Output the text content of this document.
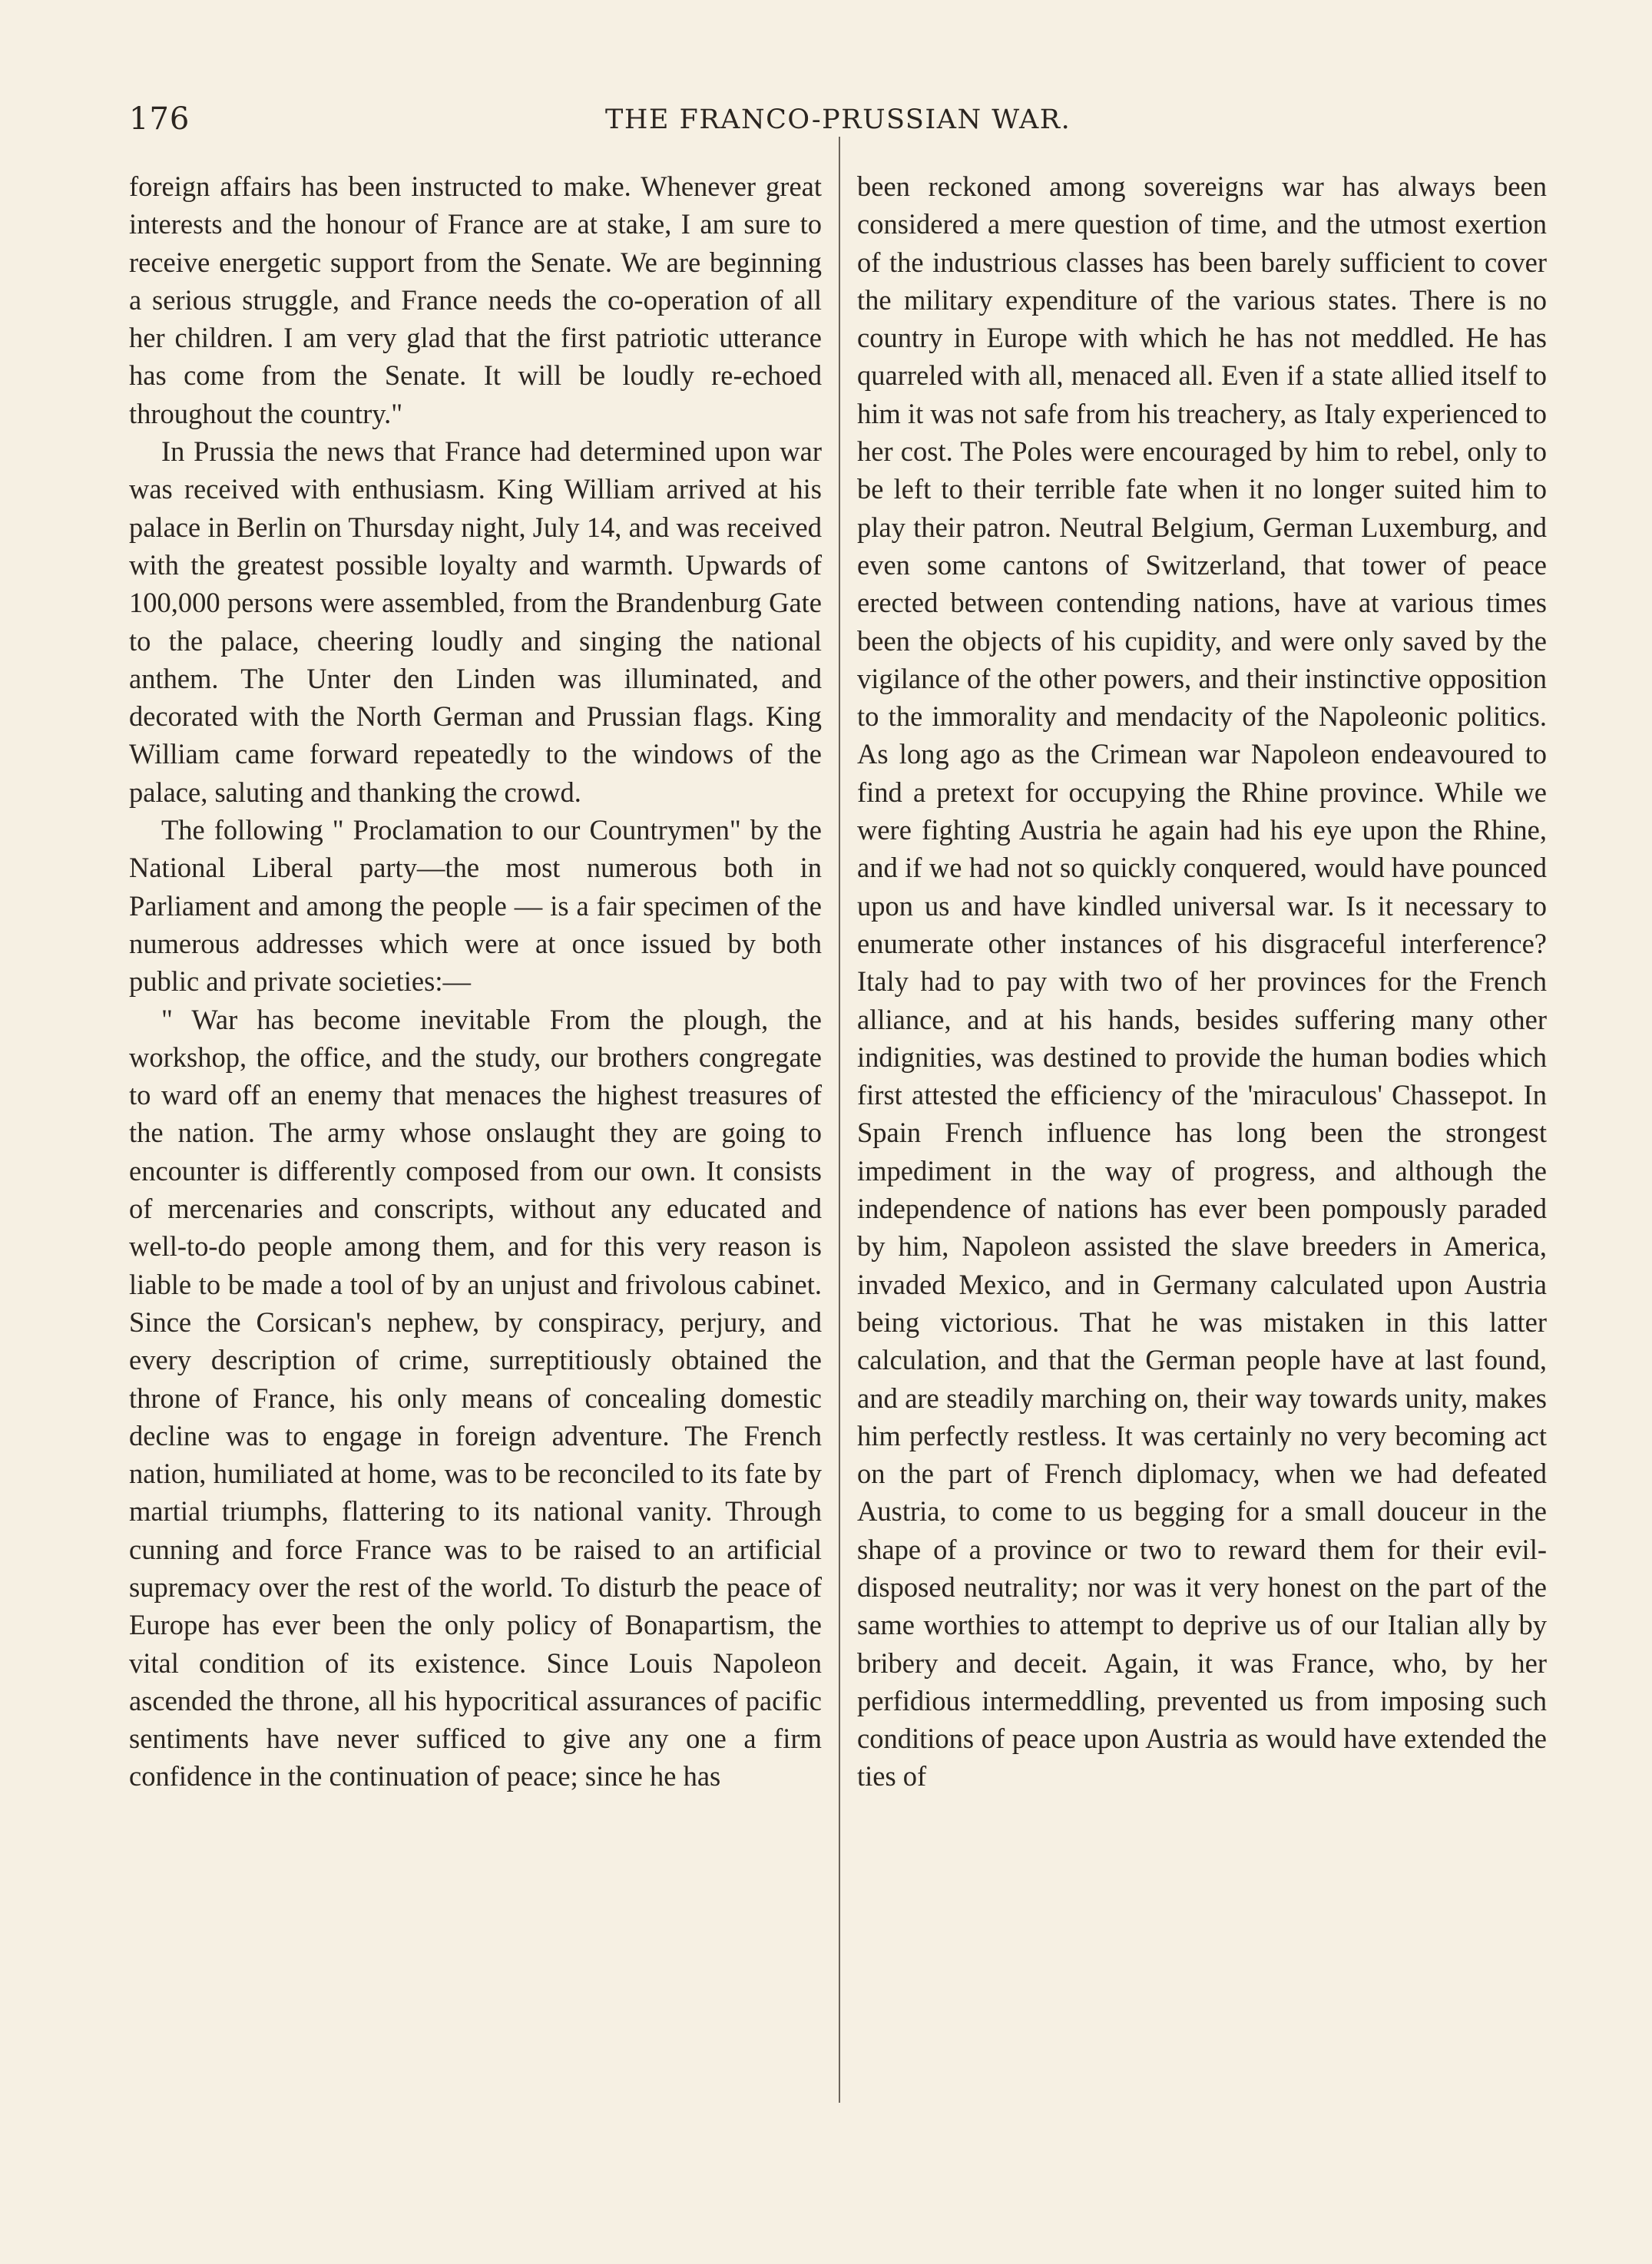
176	THE FRANCO-PRUSSIAN WAR.

foreign affairs has been instructed to make. Whenever great interests and the honour of France are at stake, I am sure to receive energetic support from the Senate. We are beginning a serious struggle, and France needs the co-operation of all her children. I am very glad that the first patriotic utterance has come from the Senate. It will be loudly re-echoed throughout the country."

In Prussia the news that France had determined upon war was received with enthusiasm. King William arrived at his palace in Berlin on Thursday night, July 14, and was received with the greatest possible loyalty and warmth. Upwards of 100,000 persons were assembled, from the Brandenburg Gate to the palace, cheering loudly and singing the national anthem. The Unter den Linden was illuminated, and decorated with the North German and Prussian flags. King William came forward repeatedly to the windows of the palace, saluting and thanking the crowd.

The following " Proclamation to our Countrymen" by the National Liberal party—the most numerous both in Parliament and among the people — is a fair specimen of the numerous addresses which were at once issued by both public and private societies:—

" War has become inevitable From the plough, the workshop, the office, and the study, our brothers congregate to ward off an enemy that menaces the highest treasures of the nation. The army whose onslaught they are going to encounter is differently composed from our own. It consists of mercenaries and conscripts, without any educated and well-to-do people among them, and for this very reason is liable to be made a tool of by an unjust and frivolous cabinet. Since the Corsican's nephew, by conspiracy, perjury, and every description of crime, surreptitiously obtained the throne of France, his only means of concealing domestic decline was to engage in foreign adventure. The French nation, humiliated at home, was to be reconciled to its fate by martial triumphs, flattering to its national vanity. Through cunning and force France was to be raised to an artificial supremacy over the rest of the world. To disturb the peace of Europe has ever been the only policy of Bonapartism, the vital condition of its existence. Since Louis Napoleon ascended the throne, all his hypocritical assurances of pacific sentiments have never sufficed to give any one a firm confidence in the continuation of peace; since he has

been reckoned among sovereigns war has always been considered a mere question of time, and the utmost exertion of the industrious classes has been barely sufficient to cover the military expenditure of the various states. There is no country in Europe with which he has not meddled. He has quarreled with all, menaced all. Even if a state allied itself to him it was not safe from his treachery, as Italy experienced to her cost. The Poles were encouraged by him to rebel, only to be left to their terrible fate when it no longer suited him to play their patron. Neutral Belgium, German Luxemburg, and even some cantons of Switzerland, that tower of peace erected between contending nations, have at various times been the objects of his cupidity, and were only saved by the vigilance of the other powers, and their instinctive opposition to the immorality and mendacity of the Napoleonic politics. As long ago as the Crimean war Napoleon endeavoured to find a pretext for occupying the Rhine province. While we were fighting Austria he again had his eye upon the Rhine, and if we had not so quickly conquered, would have pounced upon us and have kindled universal war. Is it necessary to enumerate other instances of his disgraceful interference? Italy had to pay with two of her provinces for the French alliance, and at his hands, besides suffering many other indignities, was destined to provide the human bodies which first attested the efficiency of the 'miraculous' Chassepot. In Spain French influence has long been the strongest impediment in the way of progress, and although the independence of nations has ever been pompously paraded by him, Napoleon assisted the slave breeders in America, invaded Mexico, and in Germany calculated upon Austria being victorious. That he was mistaken in this latter calculation, and that the German people have at last found, and are steadily marching on, their way towards unity, makes him perfectly restless. It was certainly no very becoming act on the part of French diplomacy, when we had defeated Austria, to come to us begging for a small douceur in the shape of a province or two to reward them for their evil-disposed neutrality; nor was it very honest on the part of the same worthies to attempt to deprive us of our Italian ally by bribery and deceit. Again, it was France, who, by her perfidious intermeddling, prevented us from imposing such conditions of peace upon Austria as would have extended the ties of
